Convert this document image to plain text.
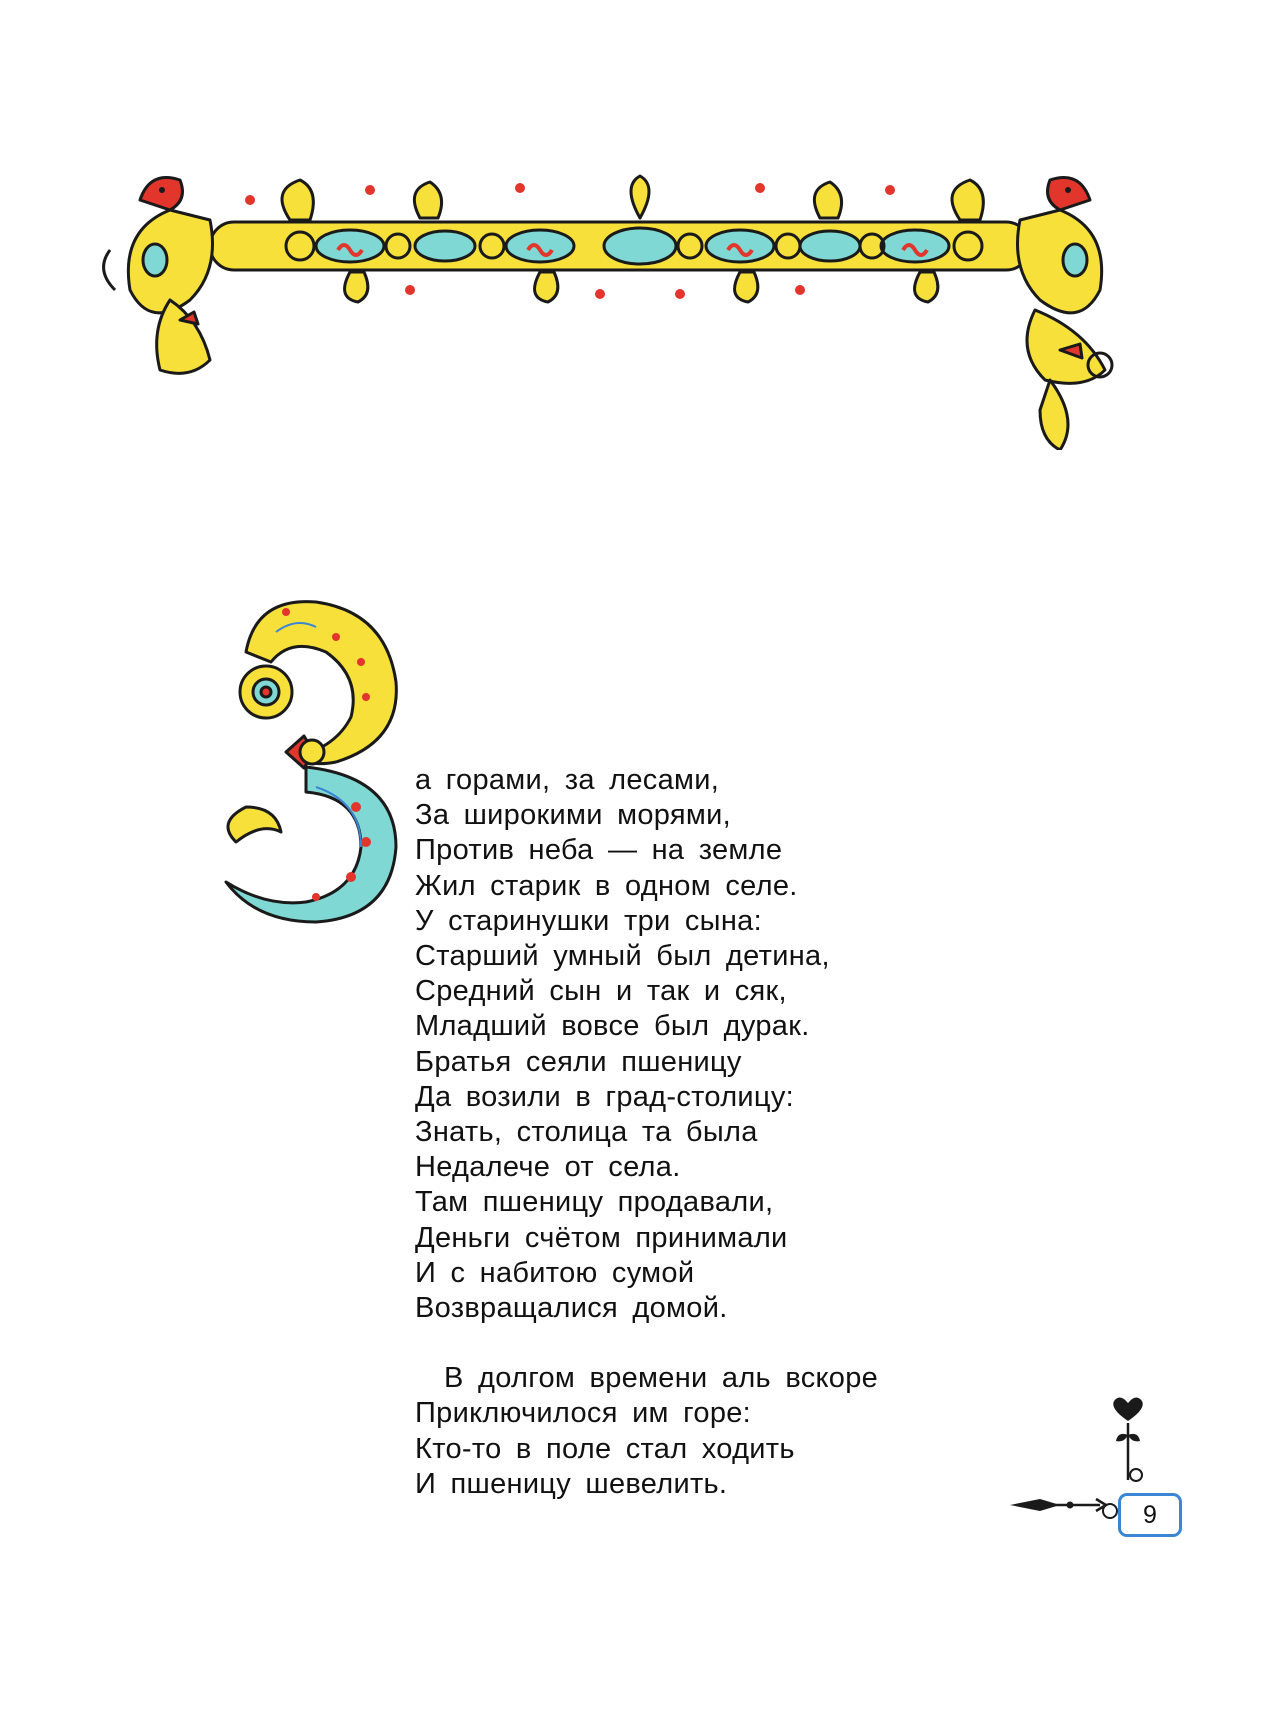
а горами, за лесами,
За широкими морями,
Против неба — на земле
Жил старик в одном селе.
У старинушки три сына:
Старший умный был детина,
Средний сын и так и сяк,
Младший вовсе был дурак.
Братья сеяли пшеницу
Да возили в град-столицу:
Знать, столица та была
Недалече от села.
Там пшеницу продавали,
Деньги счётом принимали
И с набитою сумой
Возвращалися домой.

В долгом времени аль вскоре
Приключилося им горе:
Кто-то в поле стал ходить
И пшеницу шевелить.

9
